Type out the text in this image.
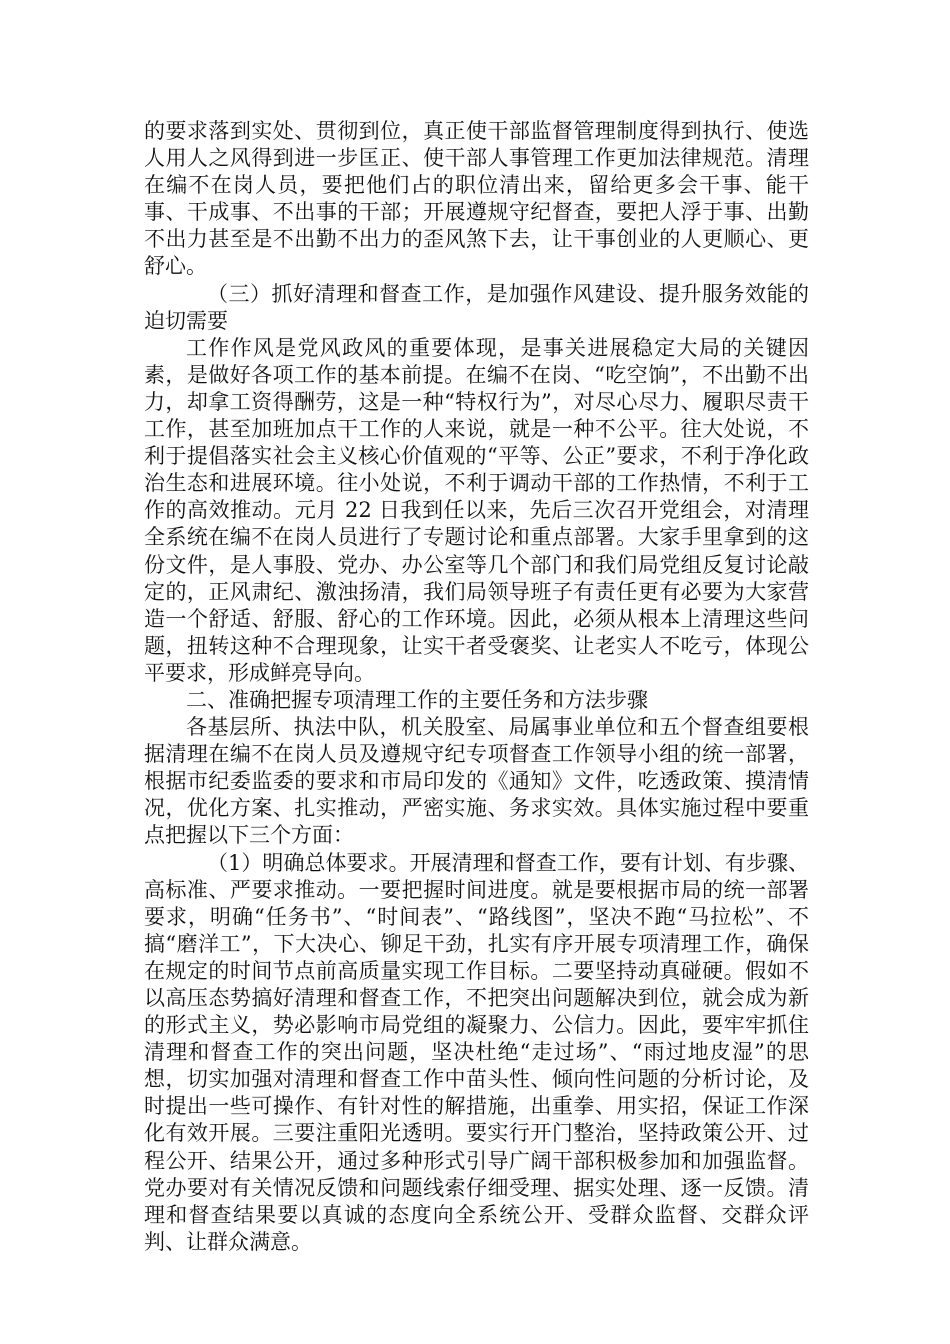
的要求落到实处、贯彻到位，真正使干部监督管理制度得到执行、使选人用人之风得到进一步匡正、使干部人事管理工作更加法律规范。清理在编不在岗人员，要把他们占的职位清出来，留给更多会干事、能干事、干成事、不出事的干部；开展遵规守纪督查，要把人浮于事、出勤不出力甚至是不出勤不出力的歪风煞下去，让干事创业的人更顺心、更舒心。

（三）抓好清理和督查工作，是加强作风建设、提升服务效能的迫切需要

工作作风是党风政风的重要体现，是事关进展稳定大局的关键因素，是做好各项工作的基本前提。在编不在岗、“吃空饷”，不出勤不出力，却拿工资得酬劳，这是一种“特权行为”，对尽心尽力、履职尽责干工作，甚至加班加点干工作的人来说，就是一种不公平。往大处说，不利于提倡落实社会主义核心价值观的“平等、公正”要求，不利于净化政治生态和进展环境。往小处说，不利于调动干部的工作热情，不利于工作的高效推动。元月 22 日我到任以来，先后三次召开党组会，对清理全系统在编不在岗人员进行了专题讨论和重点部署。大家手里拿到的这份文件，是人事股、党办、办公室等几个部门和我们局党组反复讨论敲定的，正风肃纪、激浊扬清，我们局领导班子有责任更有必要为大家营造一个舒适、舒服、舒心的工作环境。因此，必须从根本上清理这些问题，扭转这种不合理现象，让实干者受褒奖、让老实人不吃亏，体现公平要求，形成鲜亮导向。

二、准确把握专项清理工作的主要任务和方法步骤

各基层所、执法中队，机关股室、局属事业单位和五个督查组要根据清理在编不在岗人员及遵规守纪专项督查工作领导小组的统一部署，根据市纪委监委的要求和市局印发的《通知》文件，吃透政策、摸清情况，优化方案、扎实推动，严密实施、务求实效。具体实施过程中要重点把握以下三个方面：

（1）明确总体要求。开展清理和督查工作，要有计划、有步骤、高标准、严要求推动。一要把握时间进度。就是要根据市局的统一部署要求，明确“任务书”、“时间表”、“路线图”，坚决不跑“马拉松”、不搞“磨洋工”，下大决心、铆足干劲，扎实有序开展专项清理工作，确保在规定的时间节点前高质量实现工作目标。二要坚持动真碰硬。假如不以高压态势搞好清理和督查工作，不把突出问题解决到位，就会成为新的形式主义，势必影响市局党组的凝聚力、公信力。因此，要牢牢抓住清理和督查工作的突出问题，坚决杜绝“走过场”、“雨过地皮湿”的思想，切实加强对清理和督查工作中苗头性、倾向性问题的分析讨论，及时提出一些可操作、有针对性的解措施，出重拳、用实招，保证工作深化有效开展。三要注重阳光透明。要实行开门整治，坚持政策公开、过程公开、结果公开，通过多种形式引导广阔干部积极参加和加强监督。党办要对有关情况反馈和问题线索仔细受理、据实处理、逐一反馈。清理和督查结果要以真诚的态度向全系统公开、受群众监督、交群众评判、让群众满意。
